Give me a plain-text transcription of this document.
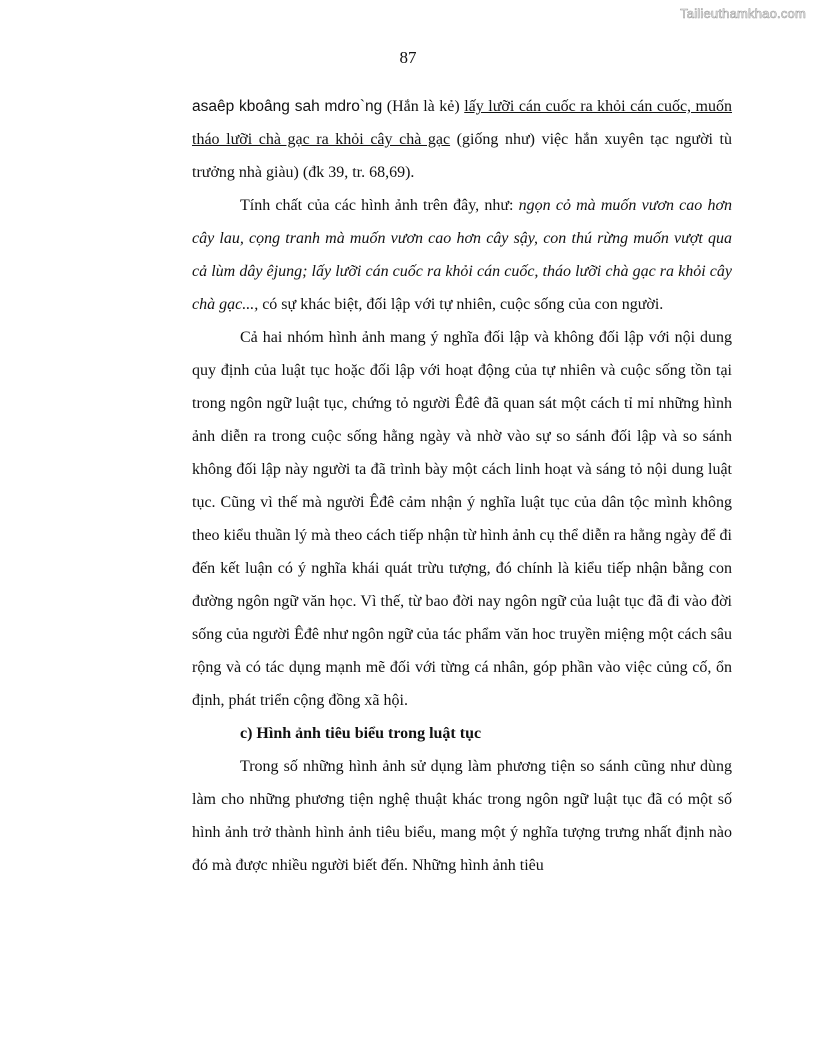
Tailieuthamkhao.com
87

asaêp kboâng sah mdro`ng (Hắn là kẻ) lấy lưỡi cán cuốc ra khỏi cán cuốc, muốn tháo lưỡi chà gạc ra khỏi cây chà gạc (giống như) việc hắn xuyên tạc người tù trưởng nhà giàu) (đk 39, tr. 68,69).

Tính chất của các hình ảnh trên đây, như: ngọn cỏ mà muốn vươn cao hơn cây lau, cọng tranh mà muốn vươn cao hơn cây sậy, con thú rừng muốn vượt qua cả lùm dây êjung; lấy lưỡi cán cuốc ra khỏi cán cuốc, tháo lưỡi chà gạc ra khỏi cây chà gạc..., có sự khác biệt, đối lập với tự nhiên, cuộc sống của con người.

Cả hai nhóm hình ảnh mang ý nghĩa đối lập và không đối lập với nội dung quy định của luật tục hoặc đối lập với hoạt động của tự nhiên và cuộc sống tồn tại trong ngôn ngữ luật tục, chứng tỏ người Êđê đã quan sát một cách tỉ mỉ những hình ảnh diễn ra trong cuộc sống hằng ngày và nhờ vào sự so sánh đối lập và so sánh không đối lập này người ta đã trình bày một cách linh hoạt và sáng tỏ nội dung luật tục. Cũng vì thế mà người Êđê cảm nhận ý nghĩa luật tục của dân tộc mình không theo kiểu thuần lý mà theo cách tiếp nhận từ hình ảnh cụ thể diễn ra hằng ngày để đi đến kết luận có ý nghĩa khái quát trừu tượng, đó chính là kiểu tiếp nhận bằng con đường ngôn ngữ văn học. Vì thế, từ bao đời nay ngôn ngữ của luật tục đã đi vào đời sống của người Êđê như ngôn ngữ của tác phẩm văn hoc truyền miệng một cách sâu rộng và có tác dụng mạnh mẽ đối với từng cá nhân, góp phần vào việc củng cố, ổn định, phát triển cộng đồng xã hội.

c) Hình ảnh tiêu biểu trong luật tục

Trong số những hình ảnh sử dụng làm phương tiện so sánh cũng như dùng làm cho những phương tiện nghệ thuật khác trong ngôn ngữ luật tục đã có một số hình ảnh trở thành hình ảnh tiêu biểu, mang một ý nghĩa tượng trưng nhất định nào đó mà được nhiều người biết đến. Những hình ảnh tiêu
